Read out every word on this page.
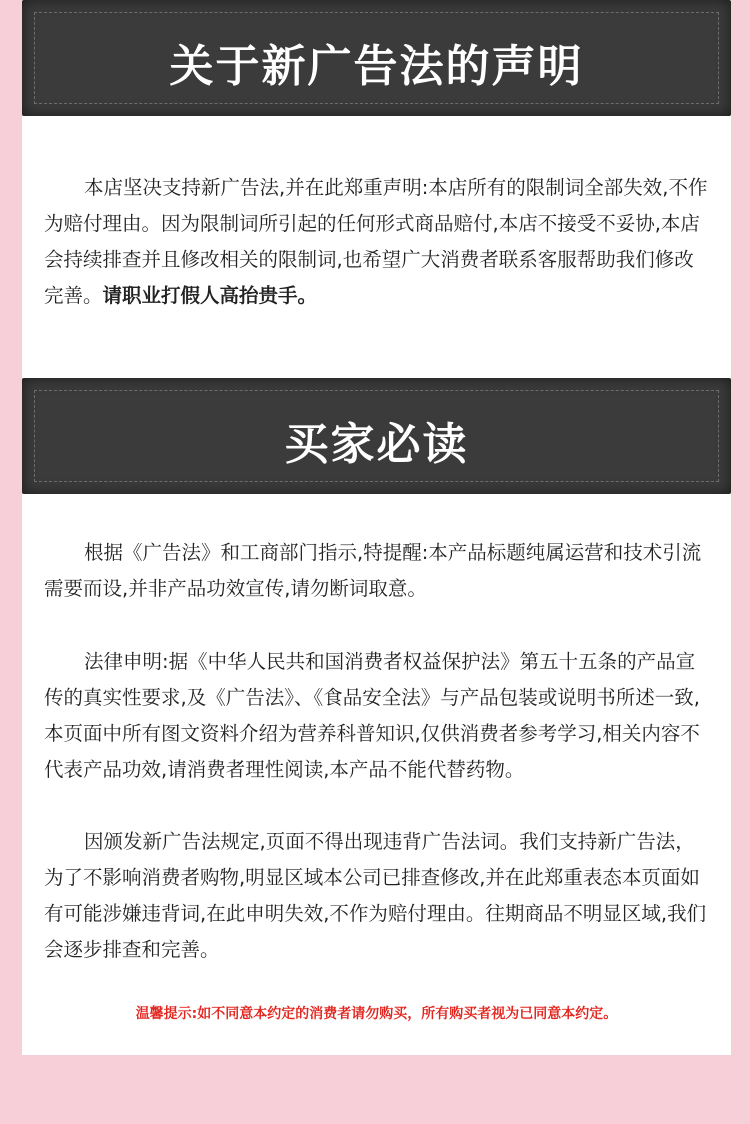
关于新广告法的声明
本店坚决支持新广告法,并在此郑重声明:本店所有的限制词全部失效,不作为赔付理由。因为限制词所引起的任何形式商品赔付,本店不接受不妥协,本店会持续排查并且修改相关的限制词,也希望广大消费者联系客服帮助我们修改完善。请职业打假人高抬贵手。
买家必读
根据《广告法》和工商部门指示,特提醒:本产品标题纯属运营和技术引流需要而设,并非产品功效宣传,请勿断词取意。
法律申明:据《中华人民共和国消费者权益保护法》第五十五条的产品宣传的真实性要求,及《广告法》、《食品安全法》与产品包装或说明书所述一致,本页面中所有图文资料介绍为营养科普知识,仅供消费者参考学习,相关内容不代表产品功效,请消费者理性阅读,本产品不能代替药物。
因颁发新广告法规定,页面不得出现违背广告法词。我们支持新广告法，为了不影响消费者购物,明显区域本公司已排查修改,并在此郑重表态本页面如有可能涉嫌违背词,在此申明失效,不作为赔付理由。往期商品不明显区域,我们会逐步排查和完善。
温馨提示:如不同意本约定的消费者请勿购买，所有购买者视为已同意本约定。
